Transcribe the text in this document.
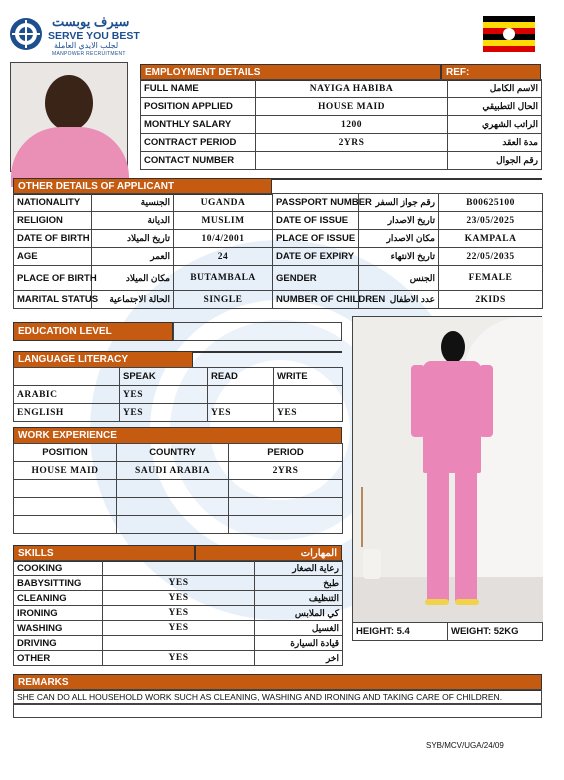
سيرف يوبست
SERVE YOU BEST
لجلب الايدي العاملة
MANPOWER RECRUITMENT
EMPLOYMENT DETAILS	REF:
FULL NAME	NAYIGA HABIBA	الاسم الكامل
POSITION APPLIED	HOUSE MAID	الحال التطبيقي
MONTHLY SALARY	1200	الراتب الشهري
CONTRACT PERIOD	2YRS	مدة العقد
CONTACT NUMBER		رقم الجوال
OTHER DETAILS OF APPLICANT
NATIONALITY	الجنسية	UGANDA	PASSPORT NUMBER	رقم جواز السفر	B00625100
RELIGION	الديانة	MUSLIM	DATE OF ISSUE	تاريخ الاصدار	23/05/2025
DATE OF BIRTH	تاريخ الميلاد	10/4/2001	PLACE OF ISSUE	مكان الاصدار	KAMPALA
AGE	العمر	24	DATE OF EXPIRY	تاريخ الانتهاء	22/05/2035
PLACE OF BIRTH	مكان الميلاد	BUTAMBALA	GENDER	الجنس	FEMALE
MARITAL STATUS	الحالة الاجتماعية	SINGLE	NUMBER OF CHILDREN	عدد الاطفال	2KIDS
EDUCATION LEVEL
LANGUAGE LITERACY
	SPEAK	READ	WRITE
ARABIC	YES		
ENGLISH	YES	YES	YES
WORK EXPERIENCE
POSITION	COUNTRY	PERIOD
HOUSE MAID	SAUDI ARABIA	2YRS

SKILLS	المهارات
COOKING		رعاية الصغار
BABYSITTING	YES	طبخ
CLEANING	YES	التنظيف
IRONING	YES	كي الملابس
WASHING	YES	الغسيل
DRIVING		قيادة السيارة
OTHER	YES	اخر
HEIGHT: 5.4	WEIGHT: 52KG
REMARKS
SHE CAN DO ALL HOUSEHOLD WORK SUCH AS CLEANING, WASHING AND IRONING AND TAKING CARE OF CHILDREN.
SYB/MCV/UGA/24/09
